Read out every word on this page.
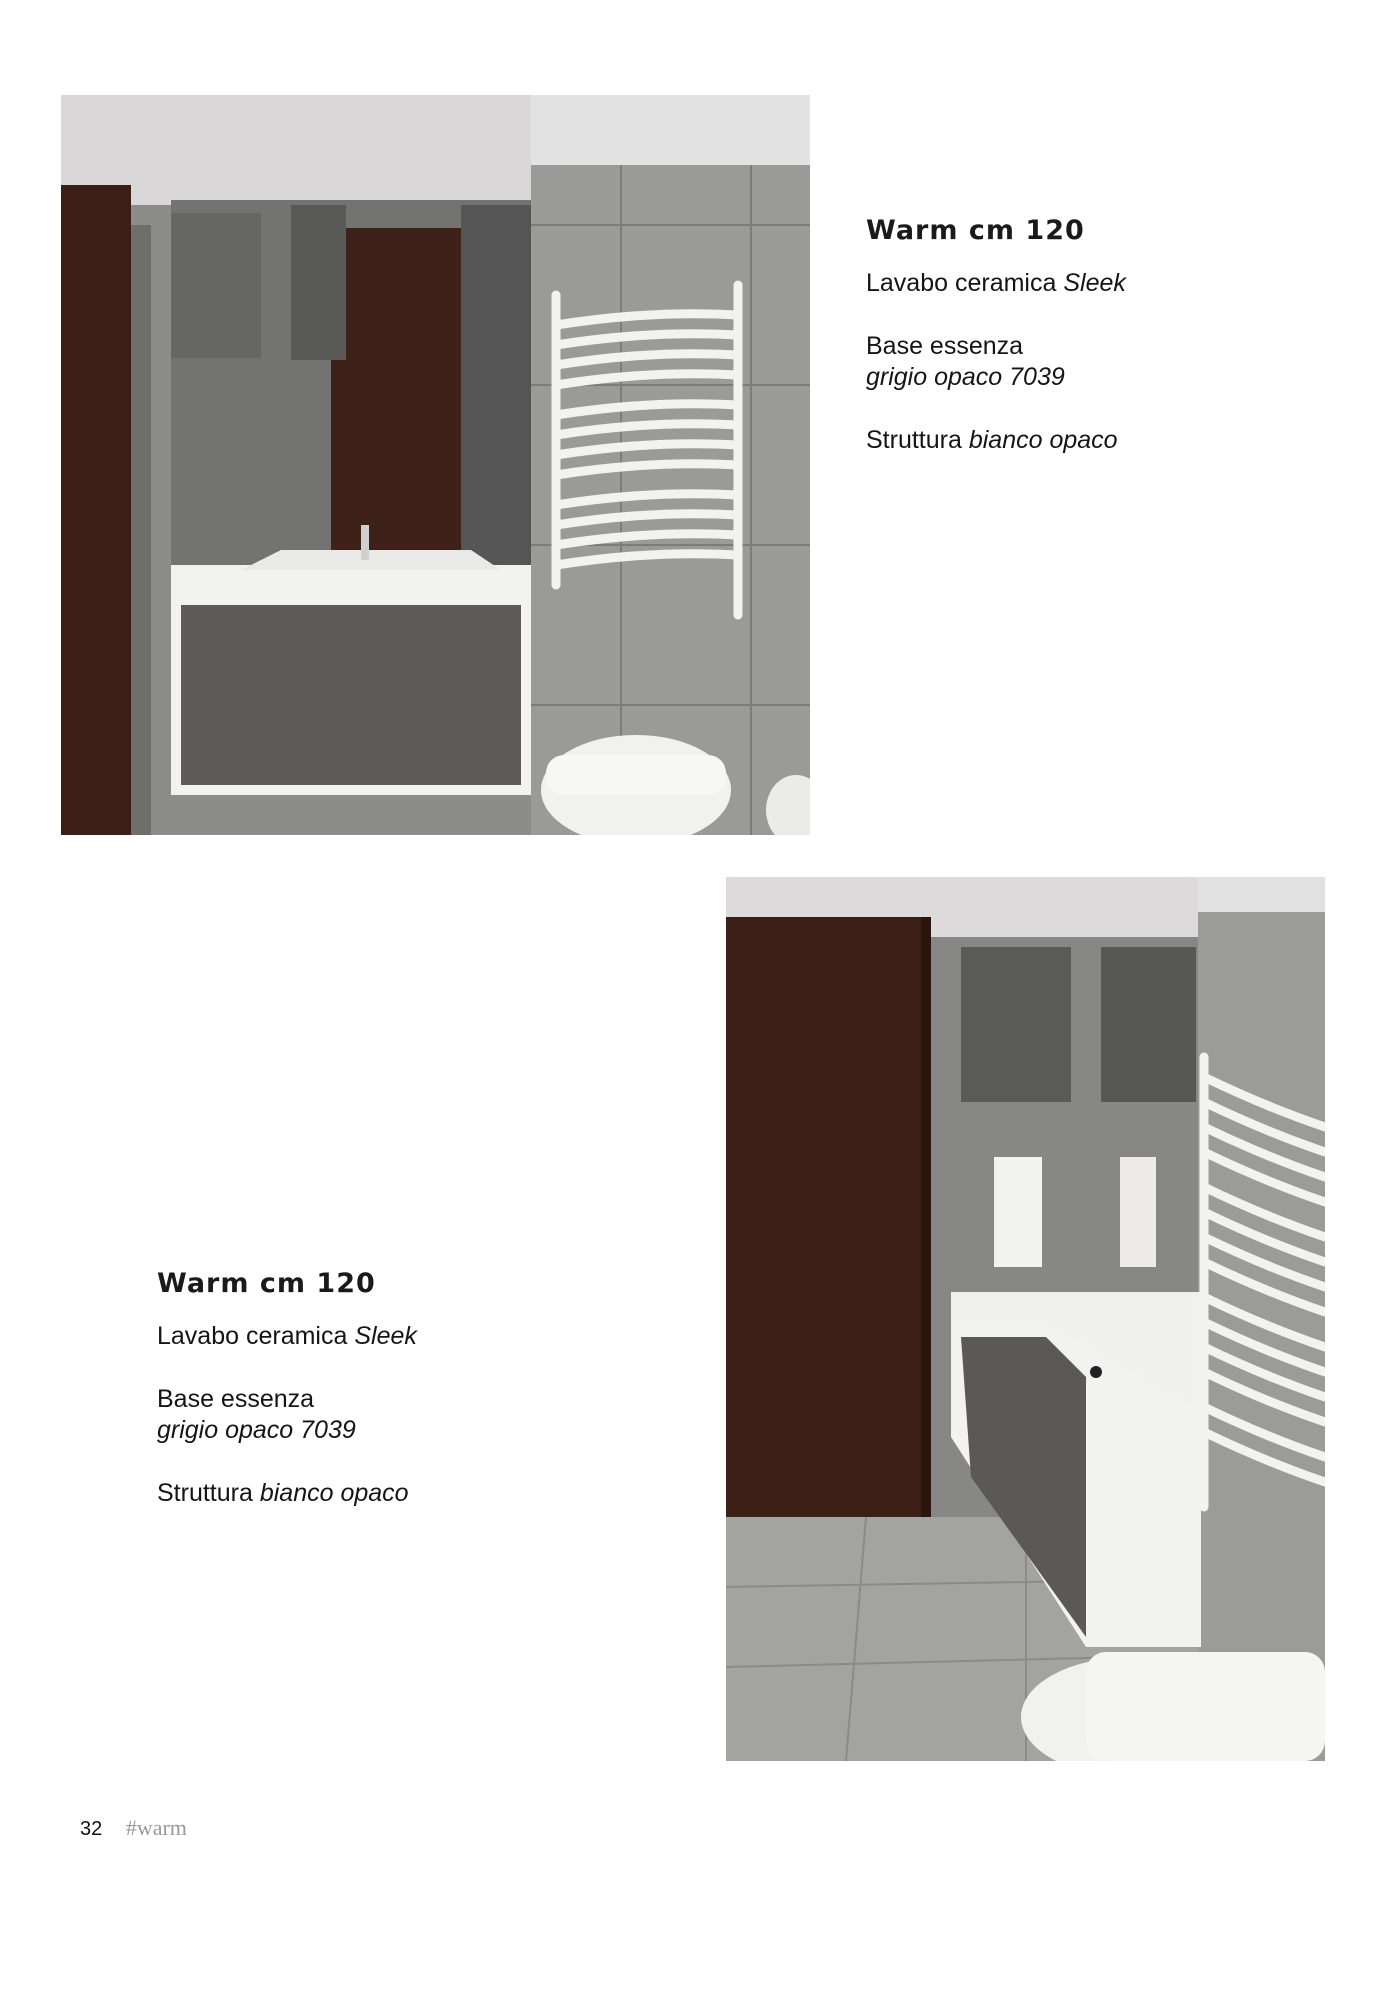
Warm cm 120

Lavabo ceramica Sleek

Base essenza
grigio opaco 7039

Struttura bianco opaco

Warm cm 120

Lavabo ceramica Sleek

Base essenza
grigio opaco 7039

Struttura bianco opaco

32 #warm
